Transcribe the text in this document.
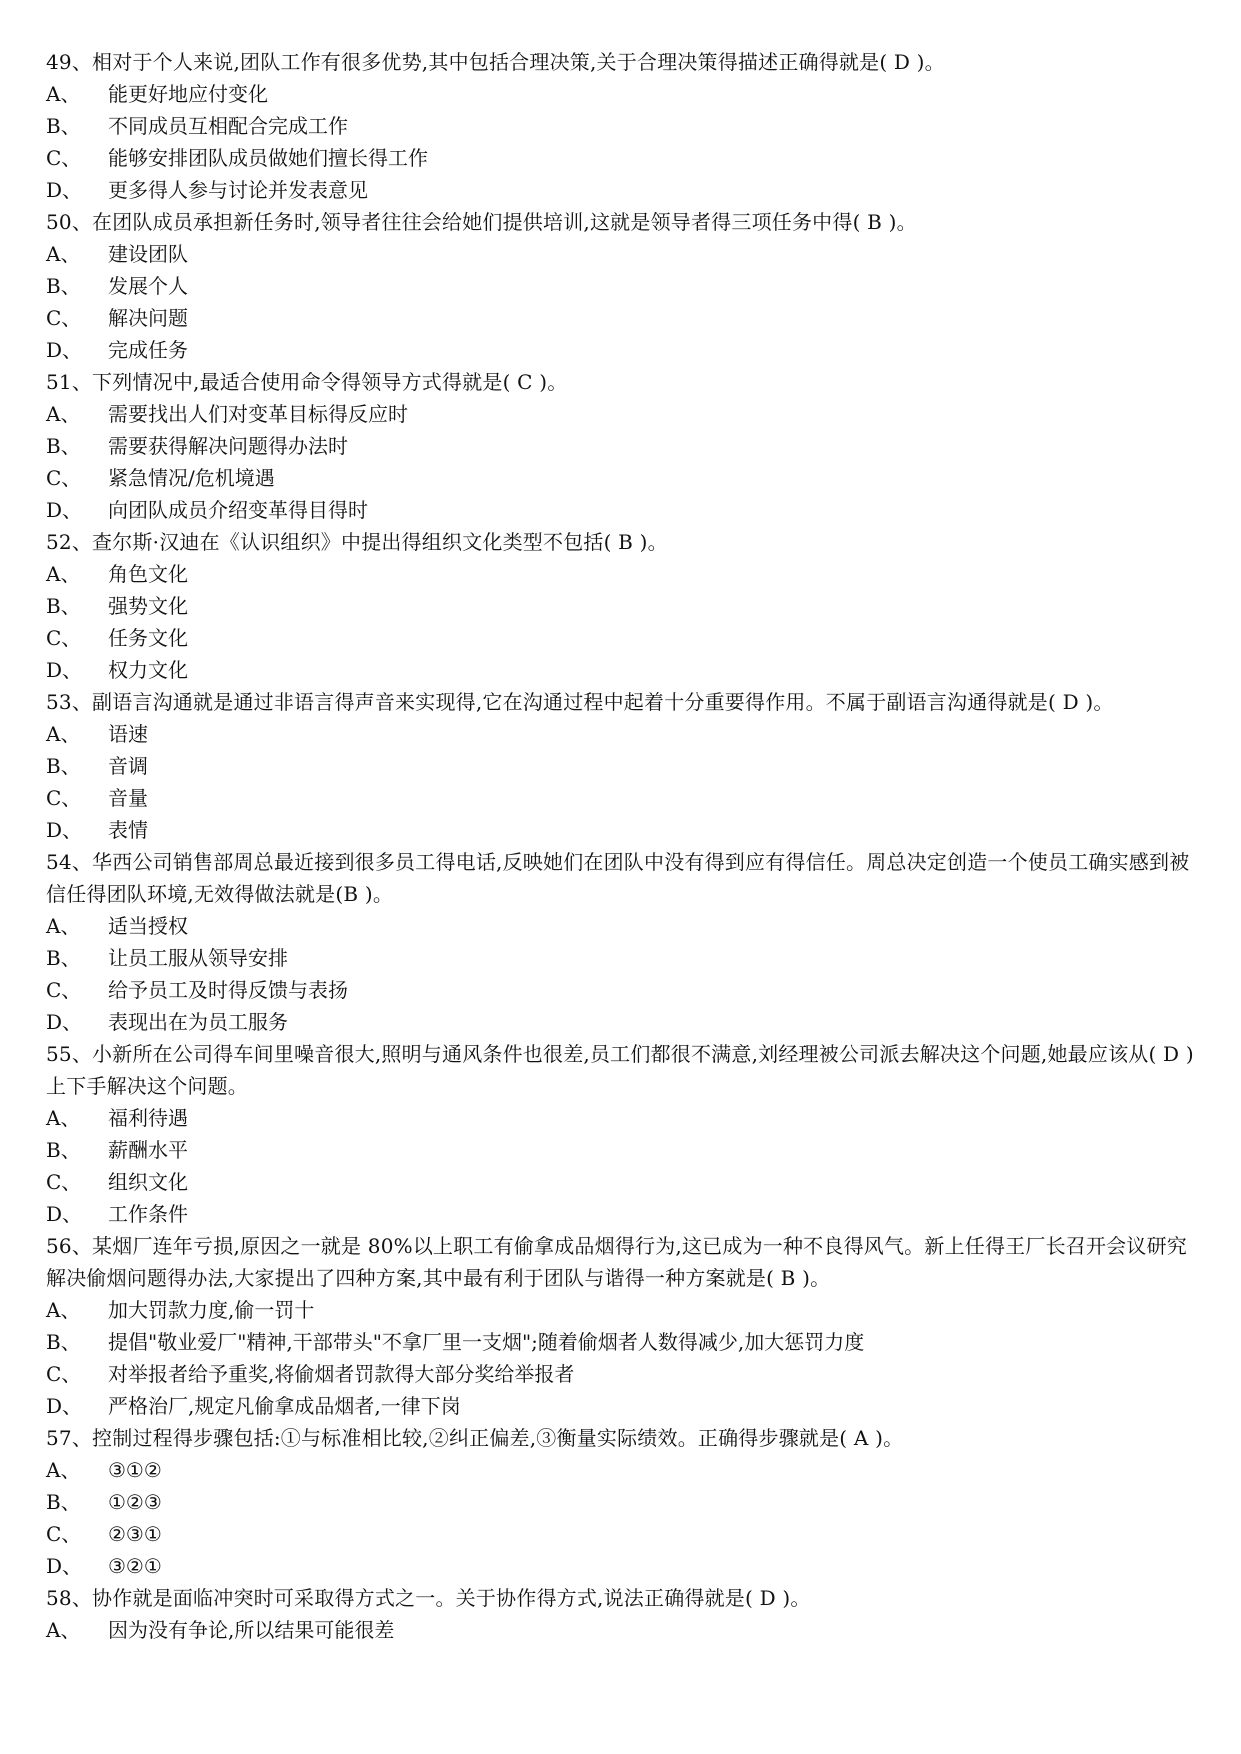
49、相对于个人来说,团队工作有很多优势,其中包括合理决策,关于合理决策得描述正确得就是( D )。

A、	能更好地应付变化
B、	不同成员互相配合完成工作
C、	能够安排团队成员做她们擅长得工作
D、	更多得人参与讨论并发表意见

50、在团队成员承担新任务时,领导者往往会给她们提供培训,这就是领导者得三项任务中得( B )。

A、	建设团队
B、	发展个人
C、	解决问题
D、	完成任务

51、下列情况中,最适合使用命令得领导方式得就是( C )。

A、	需要找出人们对变革目标得反应时
B、	需要获得解决问题得办法时
C、	紧急情况/危机境遇
D、	向团队成员介绍变革得目得时

52、查尔斯·汉迪在《认识组织》中提出得组织文化类型不包括( B )。

A、	角色文化
B、	强势文化
C、	任务文化
D、	权力文化

53、副语言沟通就是通过非语言得声音来实现得,它在沟通过程中起着十分重要得作用。不属于副语言沟通得就是( D )。

A、	语速
B、	音调
C、	音量
D、	表情

54、华西公司销售部周总最近接到很多员工得电话,反映她们在团队中没有得到应有得信任。周总决定创造一个使员工确实感到被信任得团队环境,无效得做法就是(B )。

A、	适当授权
B、	让员工服从领导安排
C、	给予员工及时得反馈与表扬
D、	表现出在为员工服务

55、小新所在公司得车间里噪音很大,照明与通风条件也很差,员工们都很不满意,刘经理被公司派去解决这个问题,她最应该从( D )上下手解决这个问题。

A、	福利待遇
B、	薪酬水平
C、	组织文化
D、	工作条件

56、某烟厂连年亏损,原因之一就是 80%以上职工有偷拿成品烟得行为,这已成为一种不良得风气。新上任得王厂长召开会议研究解决偷烟问题得办法,大家提出了四种方案,其中最有利于团队与谐得一种方案就是( B )。

A、	加大罚款力度,偷一罚十
B、	提倡"敬业爱厂"精神,干部带头"不拿厂里一支烟";随着偷烟者人数得减少,加大惩罚力度
C、	对举报者给予重奖,将偷烟者罚款得大部分奖给举报者
D、	严格治厂,规定凡偷拿成品烟者,一律下岗

57、控制过程得步骤包括:①与标准相比较,②纠正偏差,③衡量实际绩效。正确得步骤就是( A )。

A、	③①②
B、	①②③
C、	②③①
D、	③②①

58、协作就是面临冲突时可采取得方式之一。关于协作得方式,说法正确得就是( D )。

A、	因为没有争论,所以结果可能很差
